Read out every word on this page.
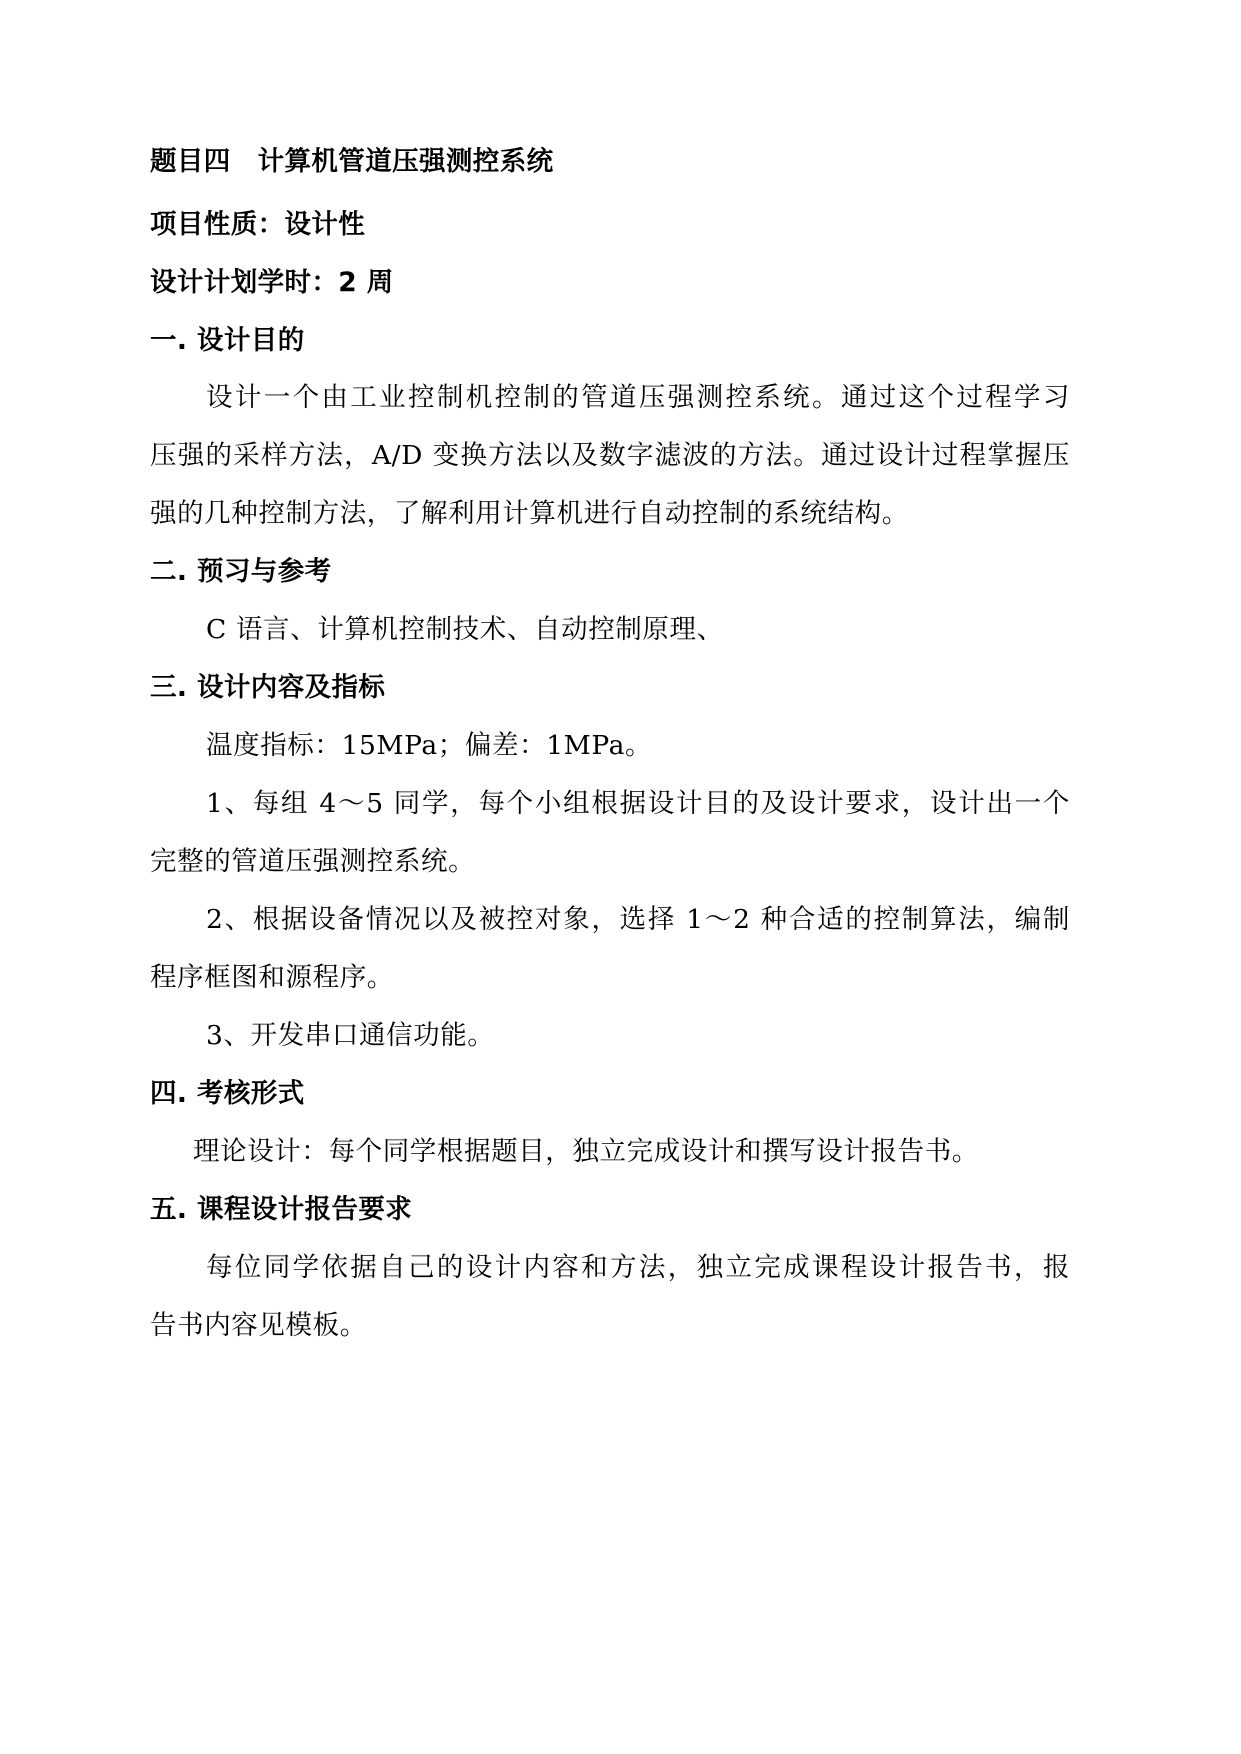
题目四　计算机管道压强测控系统
项目性质：设计性
设计计划学时：2 周
一. 设计目的
设计一个由工业控制机控制的管道压强测控系统。通过这个过程学习
压强的采样方法，A/D 变换方法以及数字滤波的方法。通过设计过程掌握压
强的几种控制方法，了解利用计算机进行自动控制的系统结构。
二. 预习与参考
C 语言、计算机控制技术、自动控制原理、
三. 设计内容及指标
温度指标：15MPa；偏差：1MPa。
1、每组 4～5 同学，每个小组根据设计目的及设计要求，设计出一个
完整的管道压强测控系统。
2、根据设备情况以及被控对象，选择 1～2 种合适的控制算法，编制
程序框图和源程序。
3、开发串口通信功能。
四. 考核形式
理论设计：每个同学根据题目，独立完成设计和撰写设计报告书。
五. 课程设计报告要求
每位同学依据自己的设计内容和方法，独立完成课程设计报告书，报
告书内容见模板。
